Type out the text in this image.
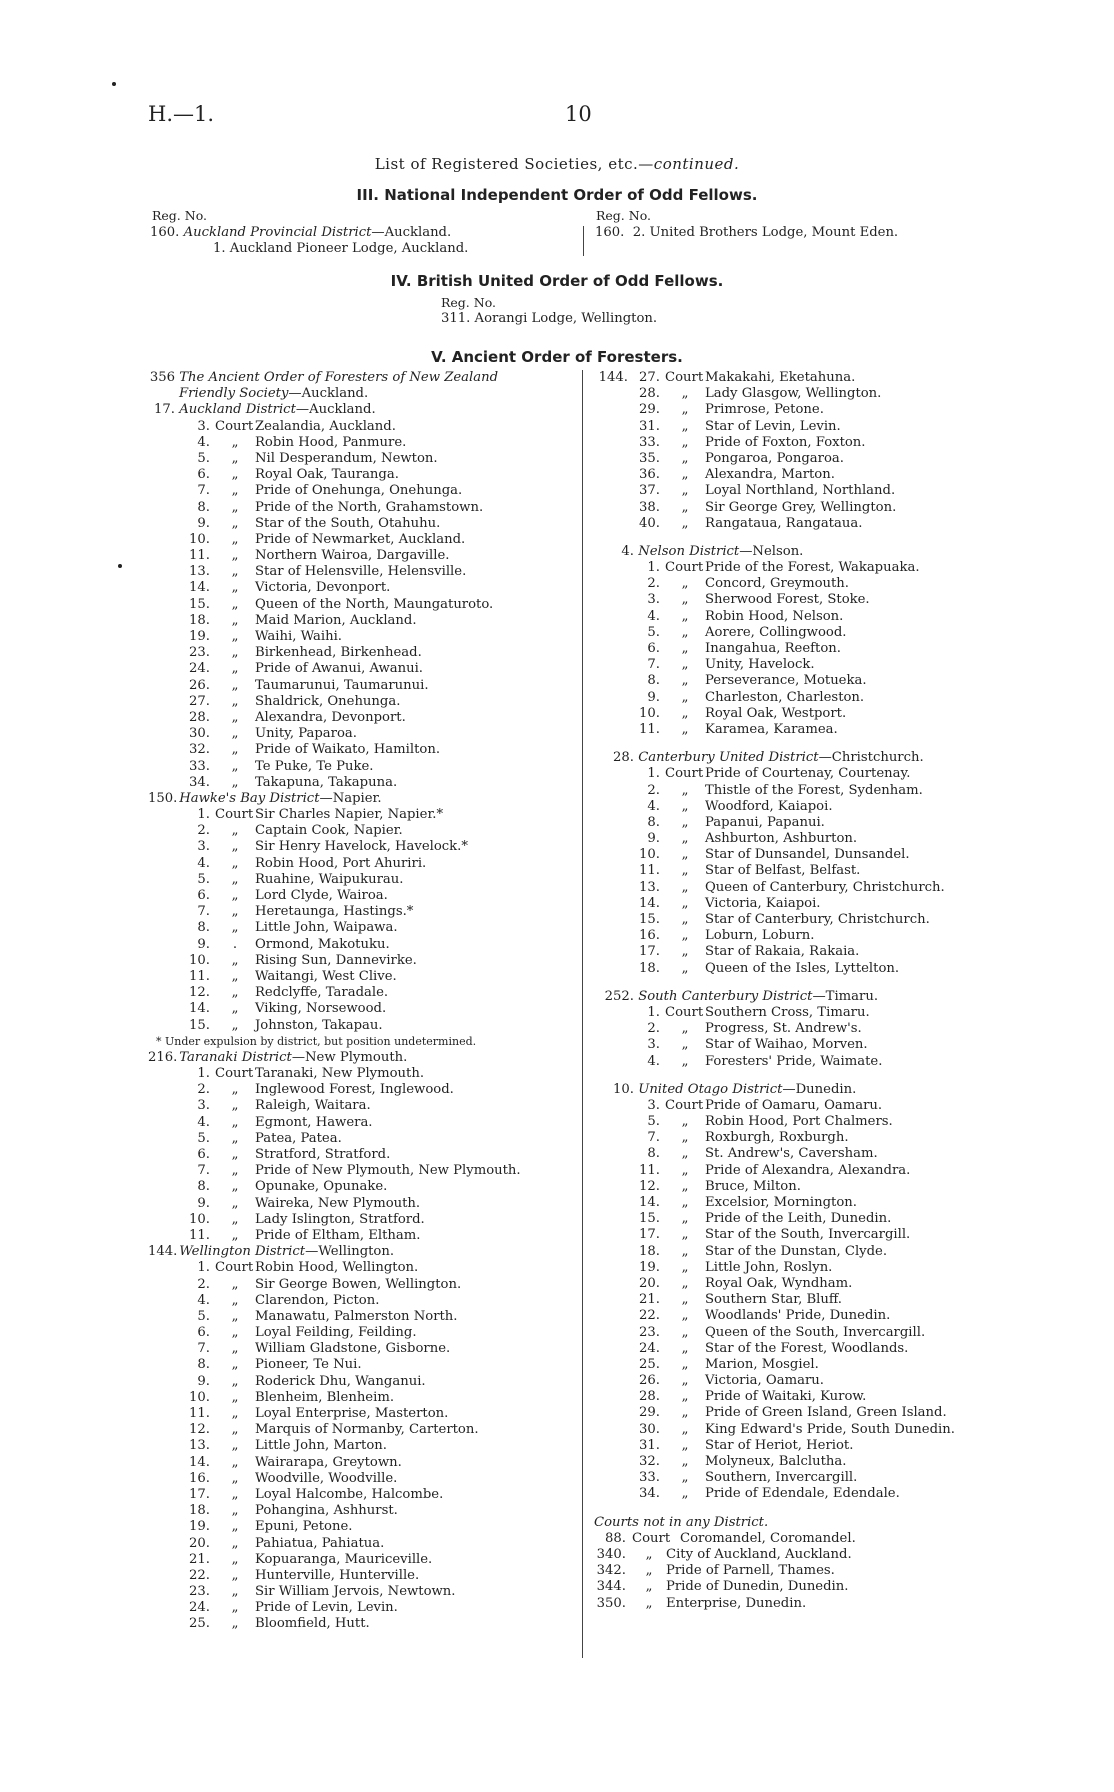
H.—1.	10
List of Registered Societies, etc.—continued.
III. National Independent Order of Odd Fellows.
Reg. No.	Reg. No.
160. Auckland Provincial District—Auckland.
1. Auckland Pioneer Lodge, Auckland.
160.  2. United Brothers Lodge, Mount Eden.
IV. British United Order of Odd Fellows.
Reg. No.
311. Aorangi Lodge, Wellington.
V. Ancient Order of Foresters.
356 The Ancient Order of Foresters of New Zealand
Friendly Society—Auckland.
17. Auckland District—Auckland.
3. Court Zealandia, Auckland.
4. „ Robin Hood, Panmure.
5. „ Nil Desperandum, Newton.
6. „ Royal Oak, Tauranga.
7. „ Pride of Onehunga, Onehunga.
8. „ Pride of the North, Grahamstown.
9. „ Star of the South, Otahuhu.
10. „ Pride of Newmarket, Auckland.
11. „ Northern Wairoa, Dargaville.
13. „ Star of Helensville, Helensville.
14. „ Victoria, Devonport.
15. „ Queen of the North, Maungaturoto.
18. „ Maid Marion, Auckland.
19. „ Waihi, Waihi.
23. „ Birkenhead, Birkenhead.
24. „ Pride of Awanui, Awanui.
26. „ Taumarunui, Taumarunui.
27. „ Shaldrick, Onehunga.
28. „ Alexandra, Devonport.
30. „ Unity, Paparoa.
32. „ Pride of Waikato, Hamilton.
33. „ Te Puke, Te Puke.
34. „ Takapuna, Takapuna.
150. Hawke's Bay District—Napier.
1. Court Sir Charles Napier, Napier.*
2. „ Captain Cook, Napier.
3. „ Sir Henry Havelock, Havelock.*
4. „ Robin Hood, Port Ahuriri.
5. „ Ruahine, Waipukurau.
6. „ Lord Clyde, Wairoa.
7. „ Heretaunga, Hastings.*
8. „ Little John, Waipawa.
9. . Ormond, Makotuku.
10. „ Rising Sun, Dannevirke.
11. „ Waitangi, West Clive.
12. „ Redclyffe, Taradale.
14. „ Viking, Norsewood.
15. „ Johnston, Takapau.
* Under expulsion by district, but position undetermined.
216. Taranaki District—New Plymouth.
1. Court Taranaki, New Plymouth.
2. „ Inglewood Forest, Inglewood.
3. „ Raleigh, Waitara.
4. „ Egmont, Hawera.
5. „ Patea, Patea.
6. „ Stratford, Stratford.
7. „ Pride of New Plymouth, New Plymouth.
8. „ Opunake, Opunake.
9. „ Waireka, New Plymouth.
10. „ Lady Islington, Stratford.
11. „ Pride of Eltham, Eltham.
144. Wellington District—Wellington.
1. Court Robin Hood, Wellington.
2. „ Sir George Bowen, Wellington.
4. „ Clarendon, Picton.
5. „ Manawatu, Palmerston North.
6. „ Loyal Feilding, Feilding.
7. „ William Gladstone, Gisborne.
8. „ Pioneer, Te Nui.
9. „ Roderick Dhu, Wanganui.
10. „ Blenheim, Blenheim.
11. „ Loyal Enterprise, Masterton.
12. „ Marquis of Normanby, Carterton.
13. „ Little John, Marton.
14. „ Wairarapa, Greytown.
16. „ Woodville, Woodville.
17. „ Loyal Halcombe, Halcombe.
18. „ Pohangina, Ashhurst.
19. „ Epuni, Petone.
20. „ Pahiatua, Pahiatua.
21. „ Kopuaranga, Mauriceville.
22. „ Hunterville, Hunterville.
23. „ Sir William Jervois, Newtown.
24. „ Pride of Levin, Levin.
25. „ Bloomfield, Hutt.
144. 27. Court Makakahi, Eketahuna.
28. „ Lady Glasgow, Wellington.
29. „ Primrose, Petone.
31. „ Star of Levin, Levin.
33. „ Pride of Foxton, Foxton.
35. „ Pongaroa, Pongaroa.
36. „ Alexandra, Marton.
37. „ Loyal Northland, Northland.
38. „ Sir George Grey, Wellington.
40. „ Rangataua, Rangataua.
4. Nelson District—Nelson.
1. Court Pride of the Forest, Wakapuaka.
2. „ Concord, Greymouth.
3. „ Sherwood Forest, Stoke.
4. „ Robin Hood, Nelson.
5. „ Aorere, Collingwood.
6. „ Inangahua, Reefton.
7. „ Unity, Havelock.
8. „ Perseverance, Motueka.
9. „ Charleston, Charleston.
10. „ Royal Oak, Westport.
11. „ Karamea, Karamea.
28. Canterbury United District—Christchurch.
1. Court Pride of Courtenay, Courtenay.
2. „ Thistle of the Forest, Sydenham.
4. „ Woodford, Kaiapoi.
8. „ Papanui, Papanui.
9. „ Ashburton, Ashburton.
10. „ Star of Dunsandel, Dunsandel.
11. „ Star of Belfast, Belfast.
13. „ Queen of Canterbury, Christchurch.
14. „ Victoria, Kaiapoi.
15. „ Star of Canterbury, Christchurch.
16. „ Loburn, Loburn.
17. „ Star of Rakaia, Rakaia.
18. „ Queen of the Isles, Lyttelton.
252. South Canterbury District—Timaru.
1. Court Southern Cross, Timaru.
2. „ Progress, St. Andrew's.
3. „ Star of Waihao, Morven.
4. „ Foresters' Pride, Waimate.
10. United Otago District—Dunedin.
3. Court Pride of Oamaru, Oamaru.
5. „ Robin Hood, Port Chalmers.
7. „ Roxburgh, Roxburgh.
8. „ St. Andrew's, Caversham.
11. „ Pride of Alexandra, Alexandra.
12. „ Bruce, Milton.
14. „ Excelsior, Mornington.
15. „ Pride of the Leith, Dunedin.
17. „ Star of the South, Invercargill.
18. „ Star of the Dunstan, Clyde.
19. „ Little John, Roslyn.
20. „ Royal Oak, Wyndham.
21. „ Southern Star, Bluff.
22. „ Woodlands' Pride, Dunedin.
23. „ Queen of the South, Invercargill.
24. „ Star of the Forest, Woodlands.
25. „ Marion, Mosgiel.
26. „ Victoria, Oamaru.
28. „ Pride of Waitaki, Kurow.
29. „ Pride of Green Island, Green Island.
30. „ King Edward's Pride, South Dunedin.
31. „ Star of Heriot, Heriot.
32. „ Molyneux, Balclutha.
33. „ Southern, Invercargill.
34. „ Pride of Edendale, Edendale.
Courts not in any District.
88. Court Coromandel, Coromandel.
340. „ City of Auckland, Auckland.
342. „ Pride of Parnell, Thames.
344. „ Pride of Dunedin, Dunedin.
350. „ Enterprise, Dunedin.
